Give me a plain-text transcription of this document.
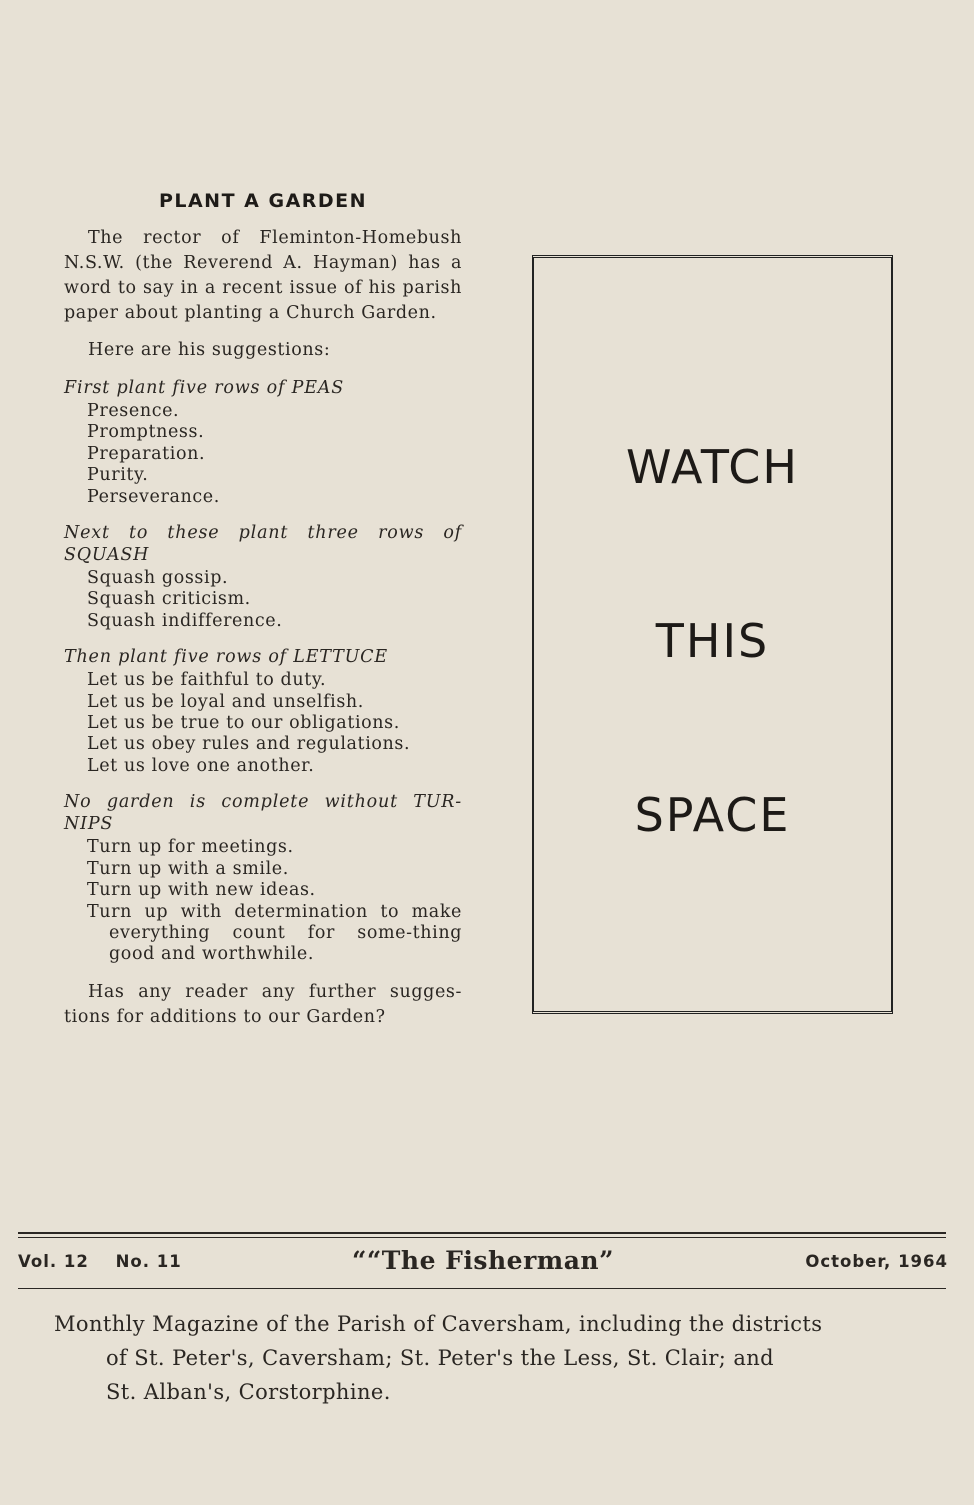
PLANT A GARDEN

The rector of Fleminton-Homebush N.S.W. (the Reverend A. Hayman) has a word to say in a recent issue of his parish paper about planting a Church Garden.

Here are his suggestions:

First plant five rows of PEAS
Presence.
Promptness.
Preparation.
Purity.
Perseverance.
Next to these plant three rows of SQUASH
Squash gossip.
Squash criticism.
Squash indifference.
Then plant five rows of LETTUCE
Let us be faithful to duty.
Let us be loyal and unselfish.
Let us be true to our obligations.
Let us obey rules and regulations.
Let us love one another.
No garden is complete without TUR-NIPS
Turn up for meetings.
Turn up with a smile.
Turn up with new ideas.
Turn up with determination to make everything count for some-thing good and worthwhile.

Has any reader any further sugges-tions for additions to our Garden?

WATCH
THIS
SPACE
Vol. 12 No. 11	““The Fisherman”	October, 1964

Monthly Magazine of the Parish of Caversham, including the districts

of St. Peter's, Caversham; St. Peter's the Less, St. Clair; and

St. Alban's, Corstorphine.
